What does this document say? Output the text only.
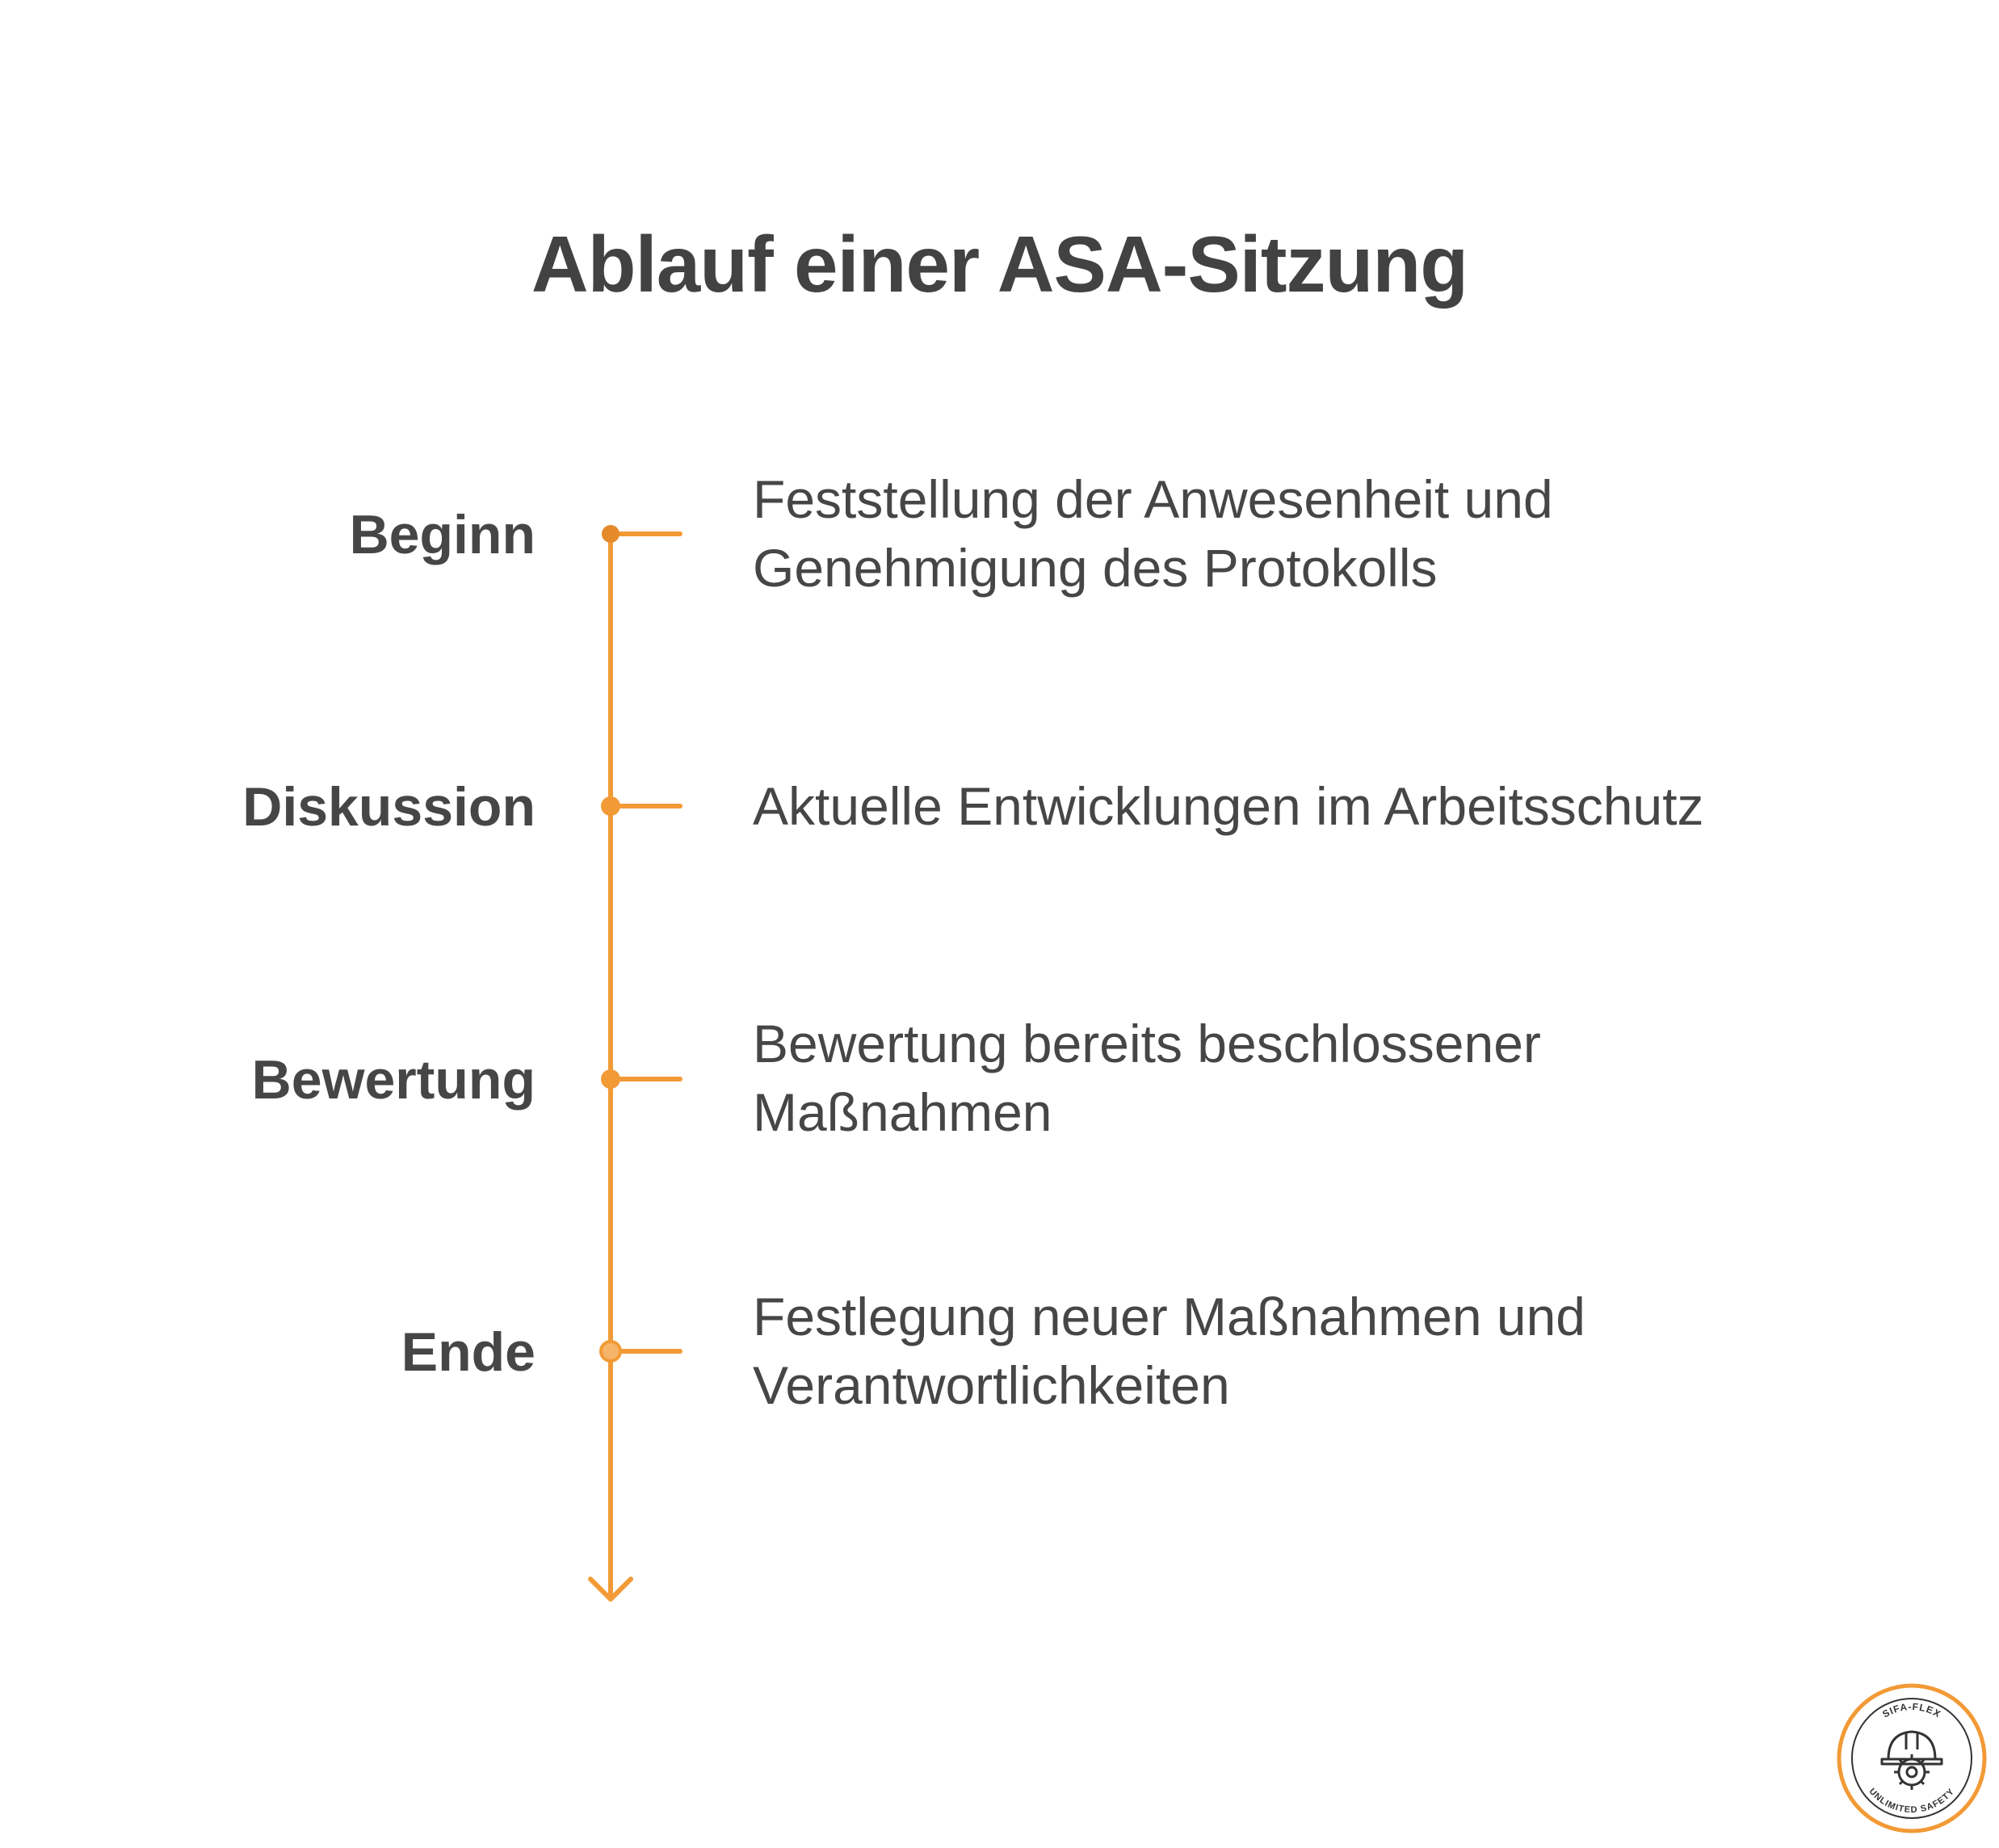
Ablauf einer ASA-Sitzung
Beginn
Feststellung der Anwesenheit und
Genehmigung des Protokolls
Diskussion	Aktuelle Entwicklungen im Arbeitsschutz
Bewertung
Bewertung bereits beschlossener
Maßnahmen
Ende
Festlegung neuer Maßnahmen und
Verantwortlichkeiten
SIFA-FLEX
UNLIMITED SAFETY
